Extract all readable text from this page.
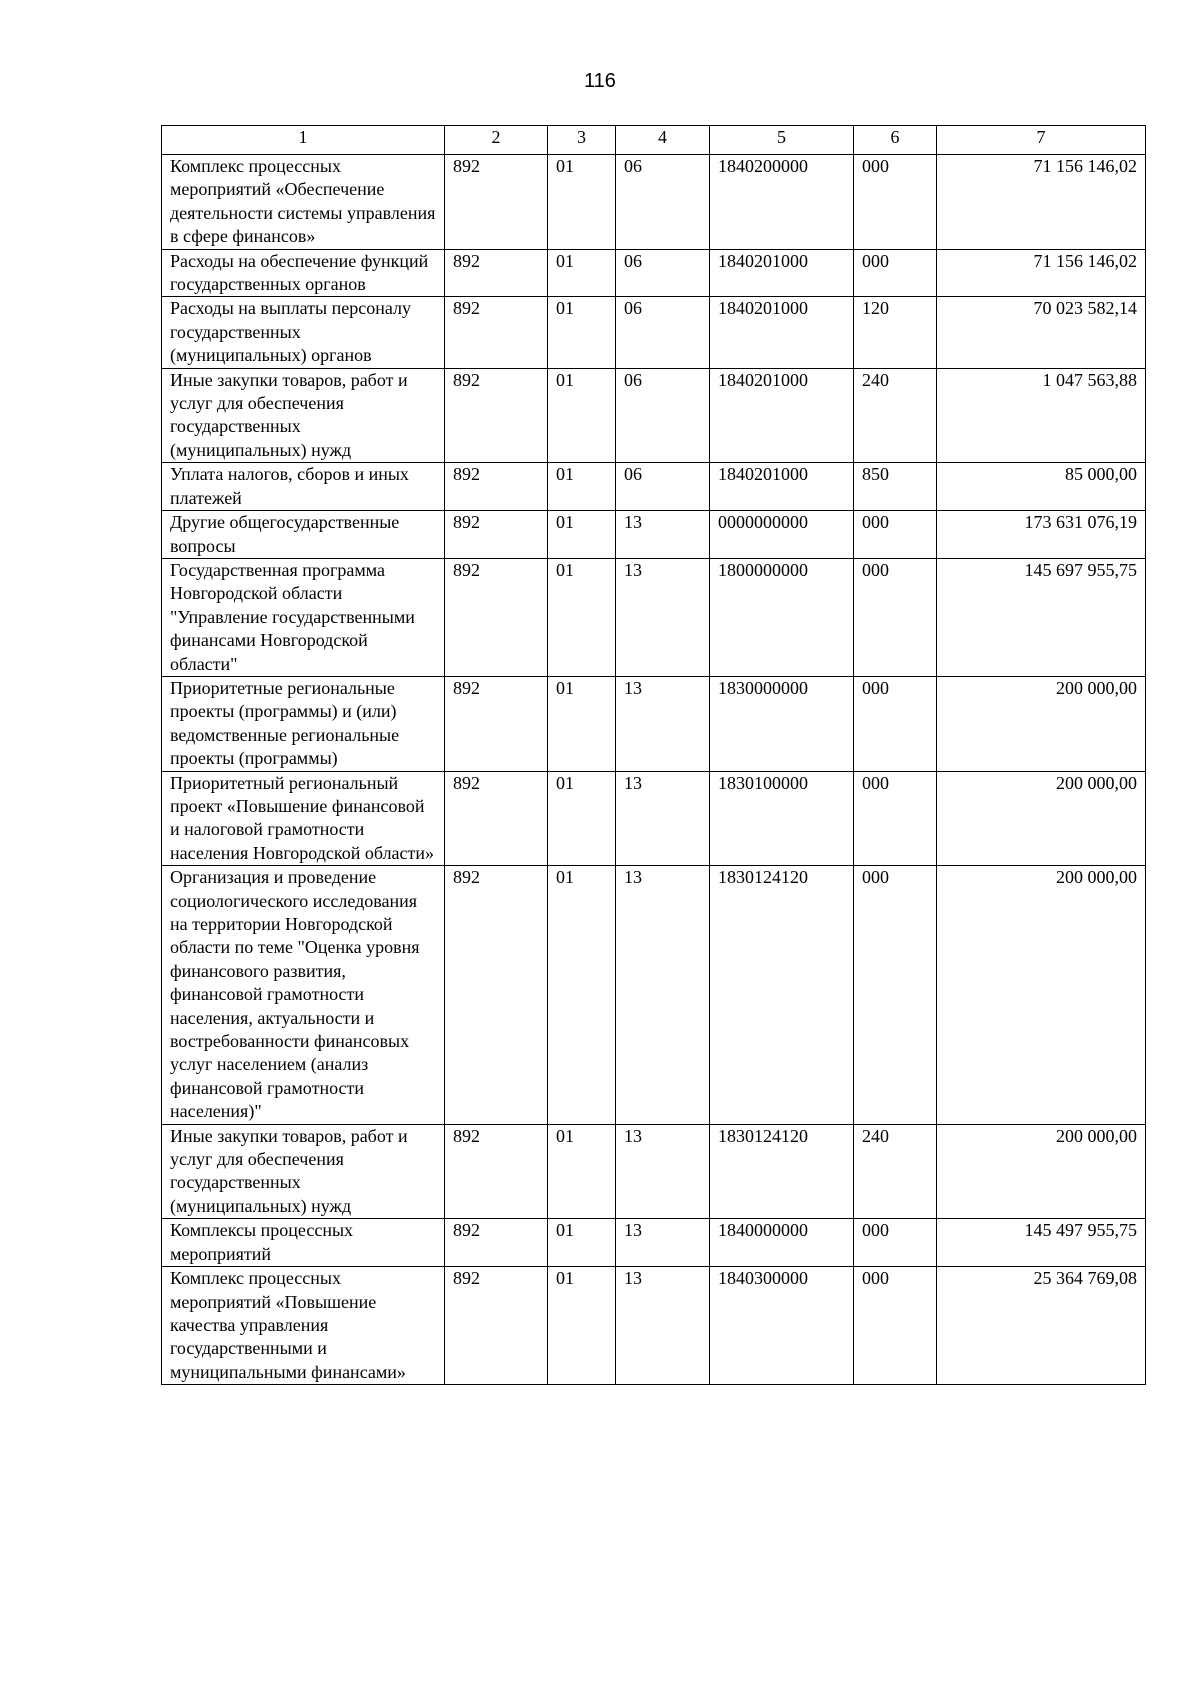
116
1	2	3	4	5	6	7
Комплекс процессных мероприятий «Обеспечение деятельности системы управления в сфере финансов»	892	01	06	1840200000	000	71 156 146,02
Расходы на обеспечение функций государственных органов	892	01	06	1840201000	000	71 156 146,02
Расходы на выплаты персоналу государственных (муниципальных) органов	892	01	06	1840201000	120	70 023 582,14
Иные закупки товаров, работ и услуг для обеспечения государственных (муниципальных) нужд	892	01	06	1840201000	240	1 047 563,88
Уплата налогов, сборов и иных платежей	892	01	06	1840201000	850	85 000,00
Другие общегосударственные вопросы	892	01	13	0000000000	000	173 631 076,19
Государственная программа Новгородской области "Управление государственными финансами Новгородской области"	892	01	13	1800000000	000	145 697 955,75
Приоритетные региональные проекты (программы) и (или) ведомственные региональные проекты (программы)	892	01	13	1830000000	000	200 000,00
Приоритетный региональный проект «Повышение финансовой и налоговой грамотности населения Новгородской области»	892	01	13	1830100000	000	200 000,00
Организация и проведение социологического исследования на территории Новгородской области по теме "Оценка уровня финансового развития, финансовой грамотности населения, актуальности и востребованности финансовых услуг населением (анализ финансовой грамотности населения)"	892	01	13	1830124120	000	200 000,00
Иные закупки товаров, работ и услуг для обеспечения государственных (муниципальных) нужд	892	01	13	1830124120	240	200 000,00
Комплексы процессных мероприятий	892	01	13	1840000000	000	145 497 955,75
Комплекс процессных мероприятий «Повышение качества управления государственными и муниципальными финансами»	892	01	13	1840300000	000	25 364 769,08
